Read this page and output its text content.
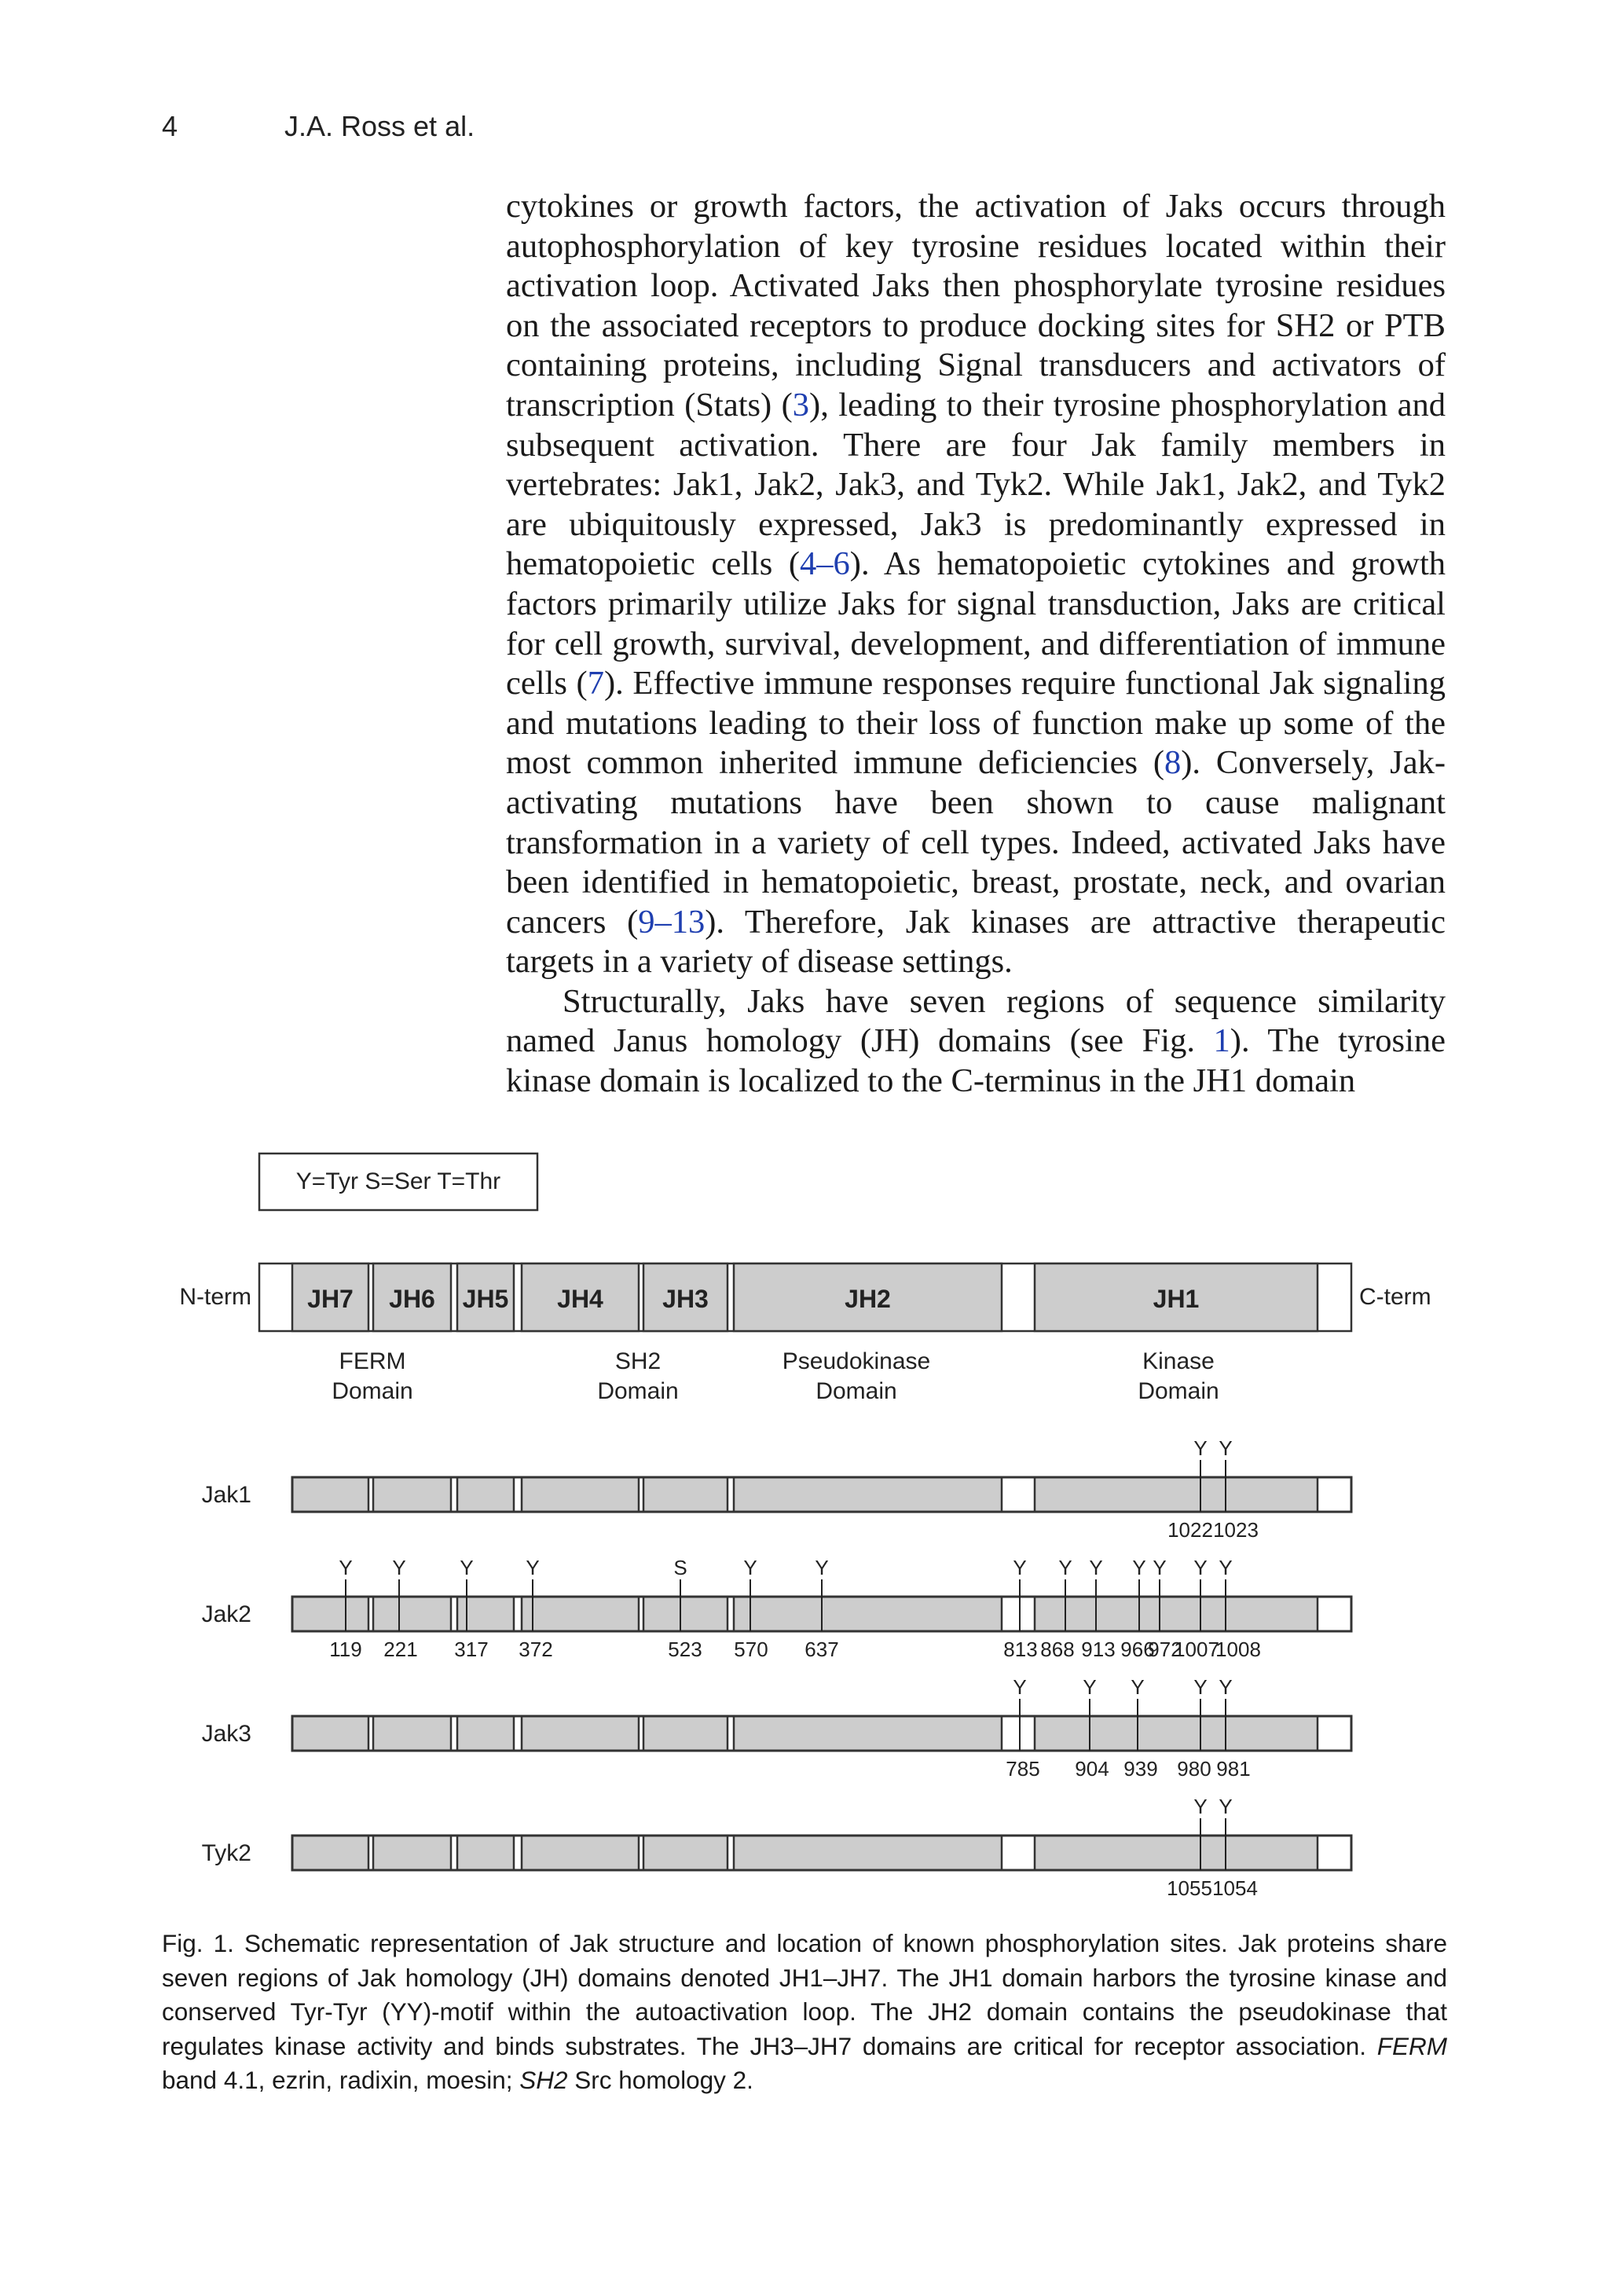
4	J.A. Ross et al.

cytokines or growth factors, the activation of Jaks occurs through autophosphorylation of key tyrosine residues located within their activation loop. Activated Jaks then phosphorylate tyrosine residues on the associated receptors to produce docking sites for SH2 or PTB containing proteins, including Signal transducers and activators of transcription (Stats) (3), leading to their tyrosine phosphorylation and subsequent activation. There are four Jak family members in vertebrates: Jak1, Jak2, Jak3, and Tyk2. While Jak1, Jak2, and Tyk2 are ubiquitously expressed, Jak3 is predominantly expressed in hematopoietic cells (4–6). As hematopoietic cytokines and growth factors primarily utilize Jaks for signal transduction, Jaks are critical for cell growth, survival, development, and differentiation of immune cells (7). Effective immune responses require functional Jak signaling and mutations leading to their loss of function make up some of the most common inherited immune deficiencies (8). Conversely, Jak-activating mutations have been shown to cause malignant transformation in a variety of cell types. Indeed, activated Jaks have been identified in hematopoietic, breast, prostate, neck, and ovarian cancers (9–13). Therefore, Jak kinases are attractive therapeutic targets in a variety of disease settings.

Structurally, Jaks have seven regions of sequence similarity named Janus homology (JH) domains (see Fig. 1). The tyrosine kinase domain is localized to the C-terminus in the JH1 domain

Y=Tyr S=Ser T=Thr
JH7 JH6 JH5 JH4 JH3	JH2	JH1
N-term	C-term
FERM
Domain
SH2
Domain
Pseudokinase
Domain
Kinase
Domain
Jak1
Y
1022
Y
1023
Jak2
Y
119
Y
221
Y
317
Y
372
S
523
Y
570
Y
637
Y
813
Y
868
Y
913
Y
966
Y
972
Y
1007
Y
1008
Jak3
Y
785
Y
904
Y
939
Y
980
Y
981
Tyk2
Y
1055
Y
1054
Fig. 1. Schematic representation of Jak structure and location of known phosphorylation sites. Jak proteins share seven regions of Jak homology (JH) domains denoted JH1–JH7. The JH1 domain harbors the tyrosine kinase and conserved Tyr-Tyr (YY)-motif within the autoactivation loop. The JH2 domain contains the pseudokinase that regulates kinase activity and binds substrates. The JH3–JH7 domains are critical for receptor association. FERM band 4.1, ezrin, radixin, moesin; SH2 Src homology 2.
